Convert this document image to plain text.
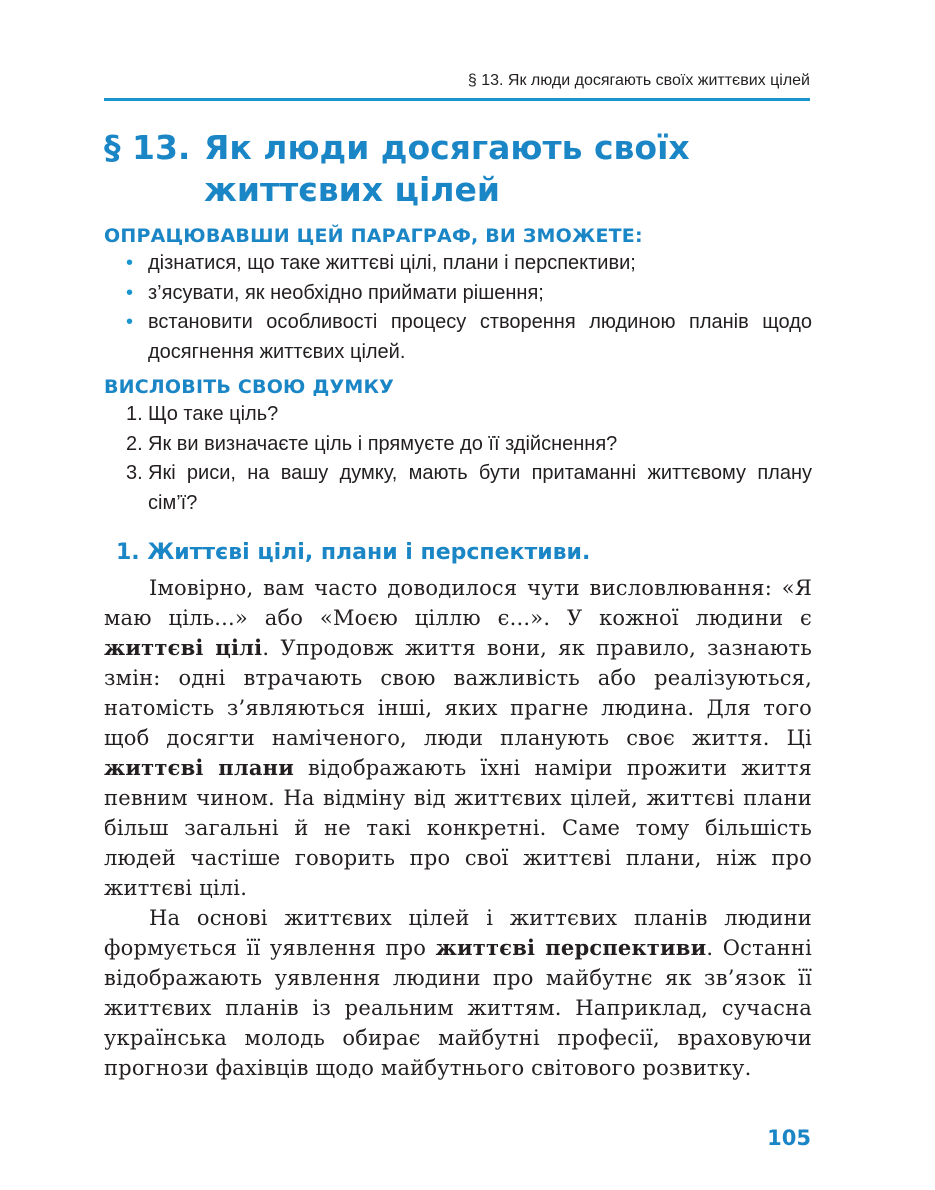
§ 13. Як люди досягають своїх життєвих цілей
§ 13. Як люди досягають своїх життєвих цілей
ОПРАЦЮВАВШИ ЦЕЙ ПАРАГРАФ, ВИ ЗМОЖЕТЕ:
• дізнатися, що таке життєві цілі, плани і перспективи;
• з’ясувати, як необхідно приймати рішення;
• встановити особливості процесу створення людиною планів щодо досягнення життєвих цілей.
ВИСЛОВІТЬ СВОЮ ДУМКУ
1. Що таке ціль?
2. Як ви визначаєте ціль і прямуєте до її здійснення?
3. Які риси, на вашу думку, мають бути притаманні життєвому плану сім’ї?
1. Життєві цілі, плани і перспективи.

Імовірно, вам часто доводилося чути висловлювання: «Я маю ціль...» або «Моєю ціллю є...». У кожної людини є життєві цілі. Упродовж життя вони, як правило, зазнають змін: одні втрачають свою важливість або реалізуються, натомість з’являються інші, яких прагне людина. Для того щоб досягти наміченого, люди планують своє життя. Ці життєві плани відображають їхні наміри прожити життя певним чином. На відміну від життєвих цілей, життєві плани більш загальні й не такі конкретні. Саме тому більшість людей частіше говорить про свої життєві плани, ніж про життєві цілі.

На основі життєвих цілей і життєвих планів людини формується її уявлення про життєві перспективи. Останні відображають уявлення людини про майбутнє як зв’язок її життєвих планів із реальним життям. Наприклад, сучасна українська молодь обирає майбутні професії, враховуючи прогнози фахівців щодо майбутнього світового розвитку.

105
